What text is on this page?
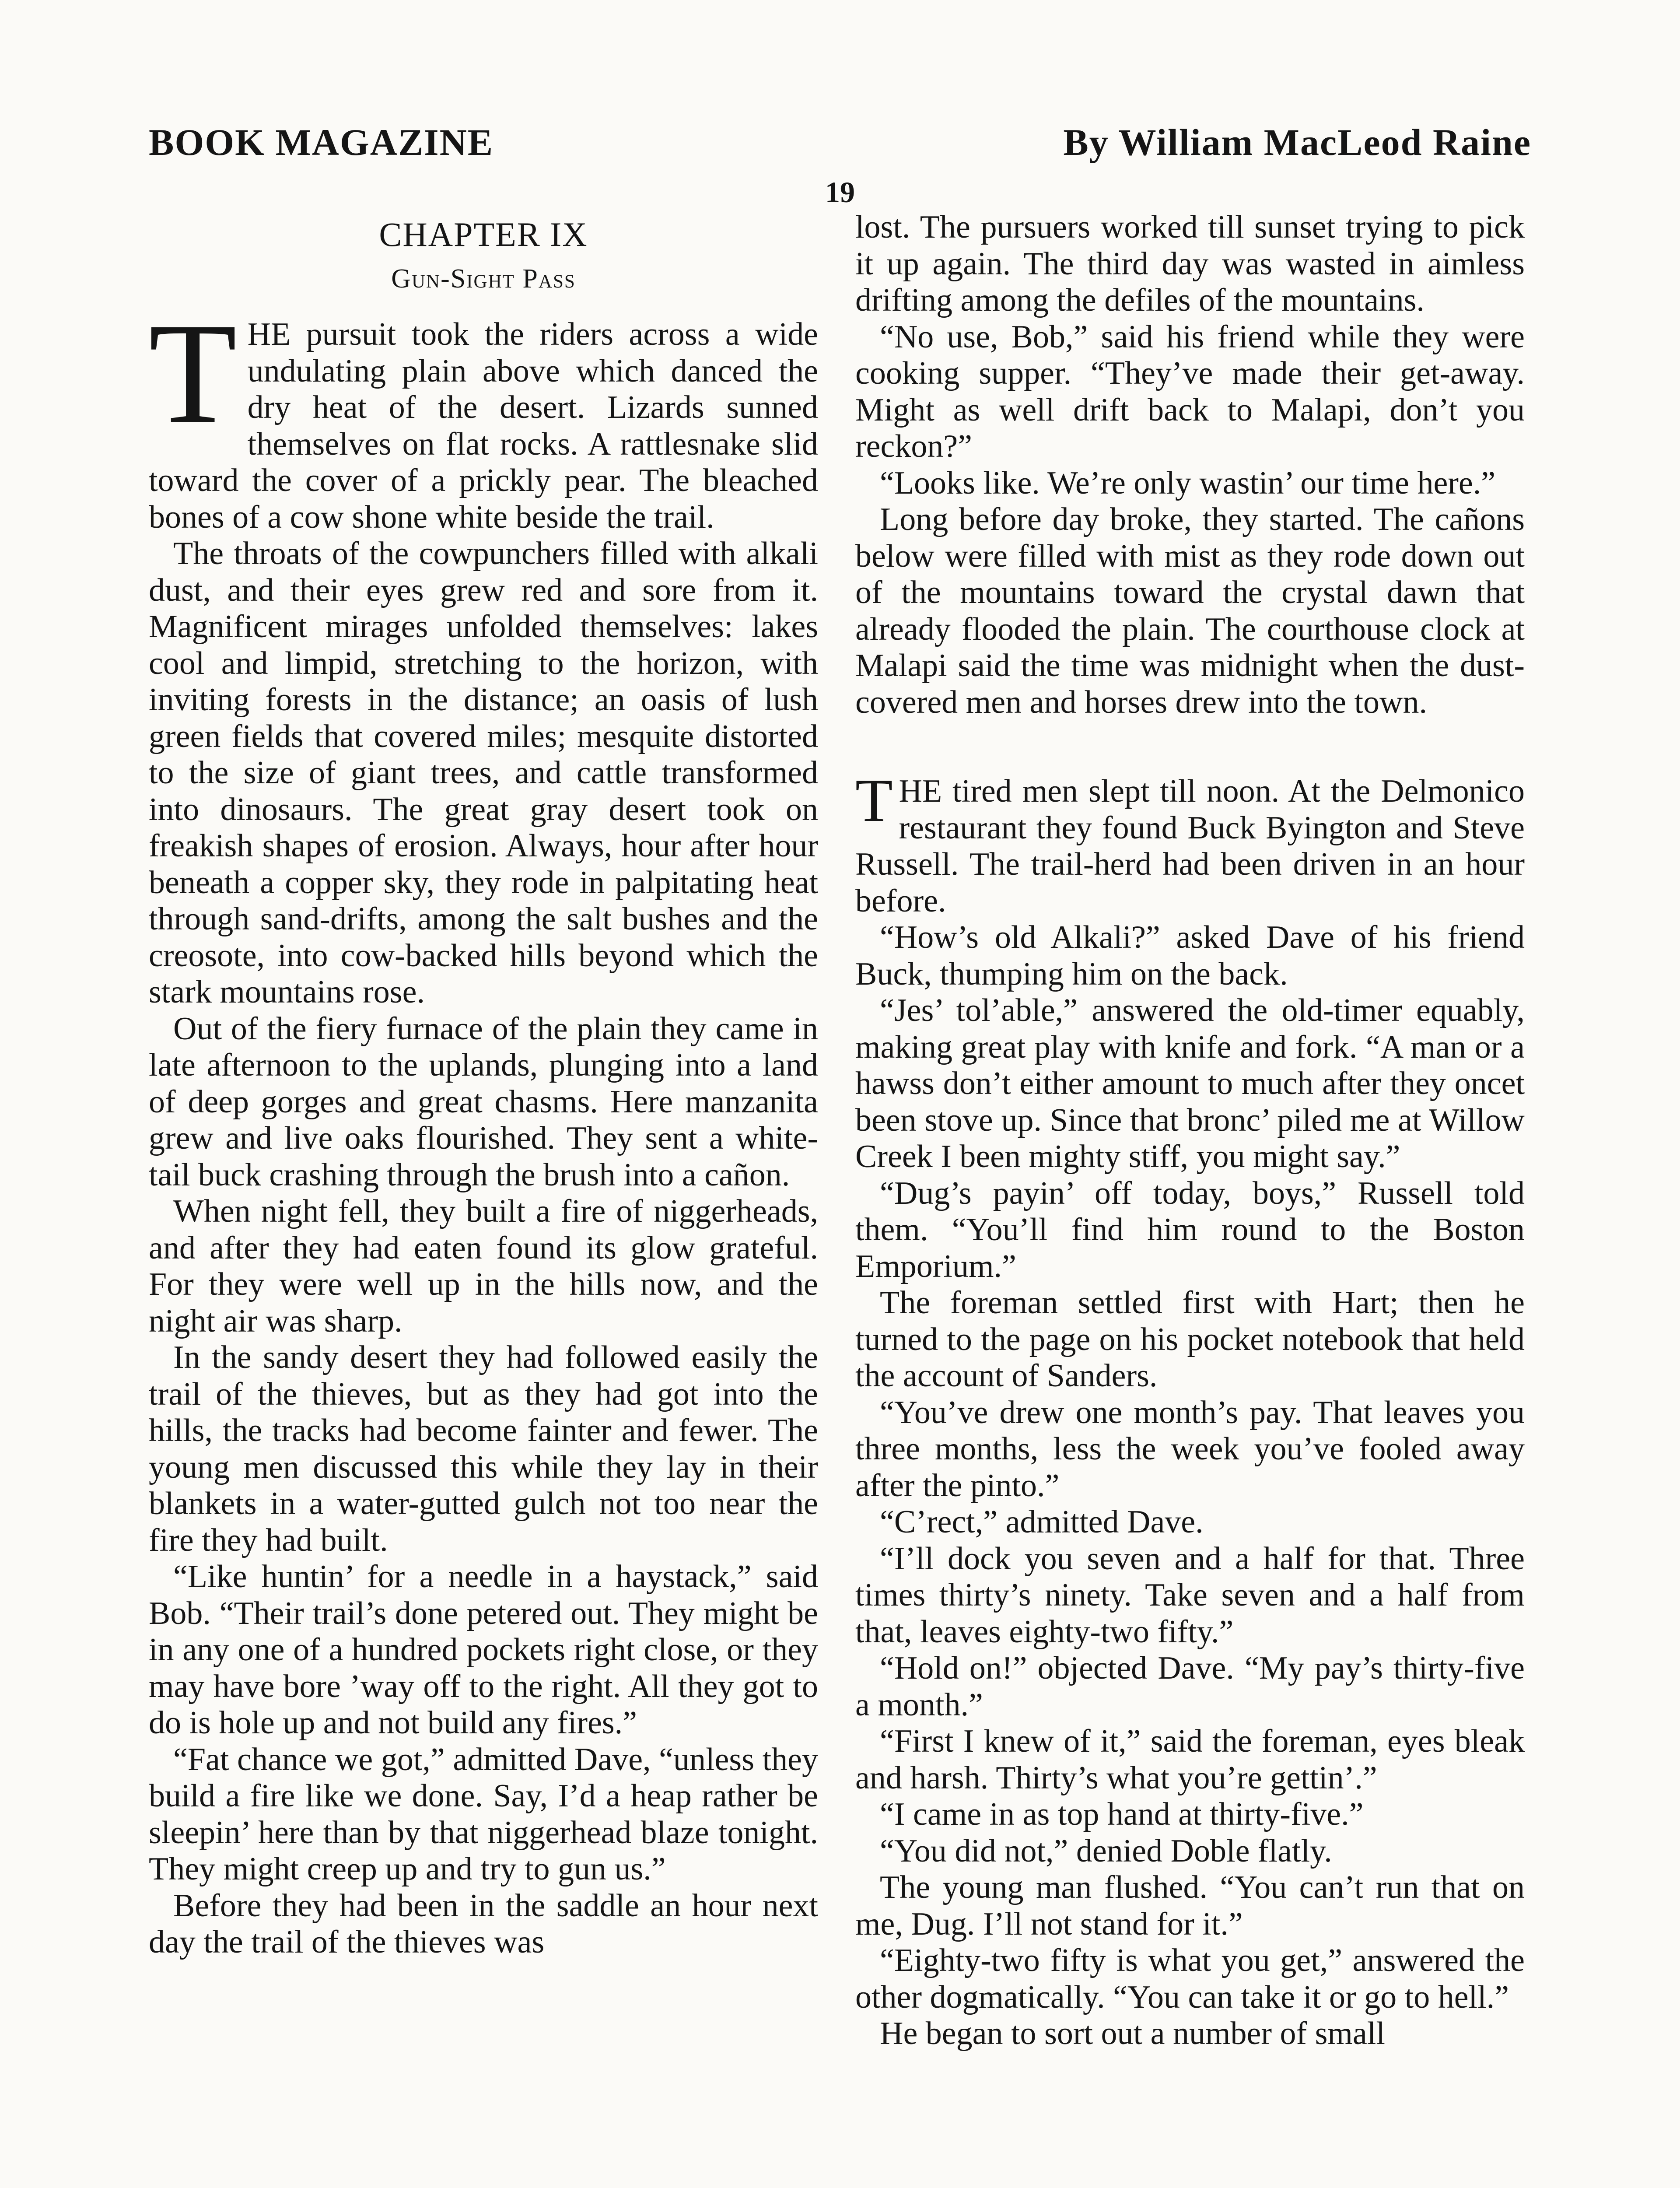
BOOK MAGAZINE	By William MacLeod Raine
19
CHAPTER IX
Gun-Sight Pass

THE pursuit took the riders across a wide undulating plain above which danced the dry heat of the desert. Lizards sunned themselves on flat rocks. A rattlesnake slid toward the cover of a prickly pear. The bleached bones of a cow shone white beside the trail.

The throats of the cowpunchers filled with alkali dust, and their eyes grew red and sore from it. Magnificent mirages unfolded themselves: lakes cool and limpid, stretching to the horizon, with inviting forests in the distance; an oasis of lush green fields that covered miles; mesquite distorted to the size of giant trees, and cattle transformed into dinosaurs. The great gray desert took on freakish shapes of erosion. Always, hour after hour beneath a copper sky, they rode in palpitating heat through sand-drifts, among the salt bushes and the creosote, into cow-backed hills beyond which the stark mountains rose.

Out of the fiery furnace of the plain they came in late afternoon to the uplands, plunging into a land of deep gorges and great chasms. Here manzanita grew and live oaks flourished. They sent a white-tail buck crashing through the brush into a cañon.

When night fell, they built a fire of niggerheads, and after they had eaten found its glow grateful. For they were well up in the hills now, and the night air was sharp.

In the sandy desert they had followed easily the trail of the thieves, but as they had got into the hills, the tracks had become fainter and fewer. The young men discussed this while they lay in their blankets in a water-gutted gulch not too near the fire they had built.

“Like huntin’ for a needle in a haystack,” said Bob. “Their trail’s done petered out. They might be in any one of a hundred pockets right close, or they may have bore ’way off to the right. All they got to do is hole up and not build any fires.”

“Fat chance we got,” admitted Dave, “unless they build a fire like we done. Say, I’d a heap rather be sleepin’ here than by that niggerhead blaze tonight. They might creep up and try to gun us.”

Before they had been in the saddle an hour next day the trail of the thieves was

lost. The pursuers worked till sunset trying to pick it up again. The third day was wasted in aimless drifting among the defiles of the mountains.

“No use, Bob,” said his friend while they were cooking supper. “They’ve made their get-away. Might as well drift back to Malapi, don’t you reckon?”

“Looks like. We’re only wastin’ our time here.”

Long before day broke, they started. The cañons below were filled with mist as they rode down out of the mountains toward the crystal dawn that already flooded the plain. The courthouse clock at Malapi said the time was midnight when the dust-covered men and horses drew into the town.

THE tired men slept till noon. At the Delmonico restaurant they found Buck Byington and Steve Russell. The trail-herd had been driven in an hour before.

“How’s old Alkali?” asked Dave of his friend Buck, thumping him on the back.

“Jes’ tol’able,” answered the old-timer equably, making great play with knife and fork. “A man or a hawss don’t either amount to much after they oncet been stove up. Since that bronc’ piled me at Willow Creek I been mighty stiff, you might say.”

“Dug’s payin’ off today, boys,” Russell told them. “You’ll find him round to the Boston Emporium.”

The foreman settled first with Hart; then he turned to the page on his pocket notebook that held the account of Sanders.

“You’ve drew one month’s pay. That leaves you three months, less the week you’ve fooled away after the pinto.”

“C’rect,” admitted Dave.

“I’ll dock you seven and a half for that. Three times thirty’s ninety. Take seven and a half from that, leaves eighty-two fifty.”

“Hold on!” objected Dave. “My pay’s thirty-five a month.”

“First I knew of it,” said the foreman, eyes bleak and harsh. Thirty’s what you’re gettin’.”

“I came in as top hand at thirty-five.”

“You did not,” denied Doble flatly.

The young man flushed. “You can’t run that on me, Dug. I’ll not stand for it.”

“Eighty-two fifty is what you get,” answered the other dogmatically. “You can take it or go to hell.”

He began to sort out a number of small
